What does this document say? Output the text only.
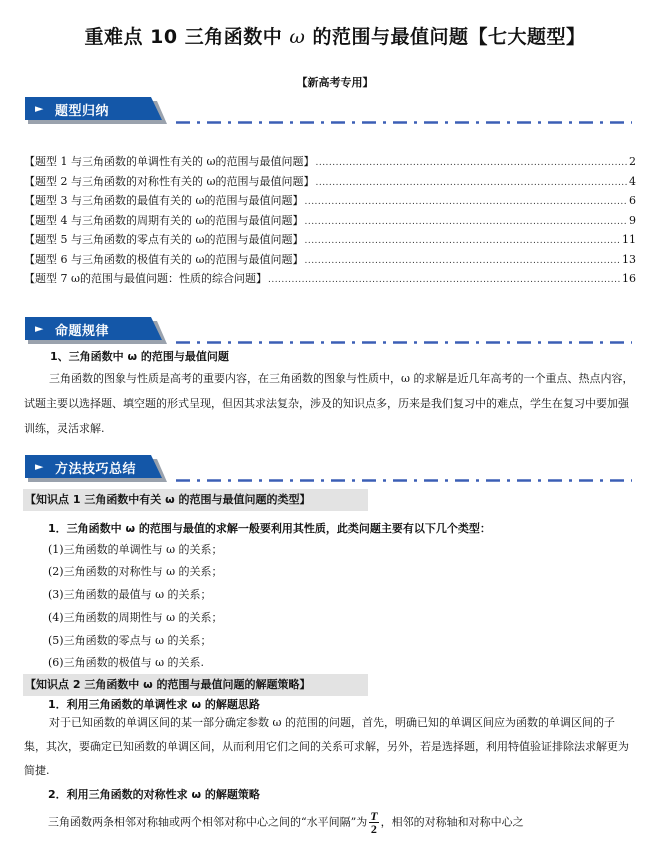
重难点 10 三角函数中 ω 的范围与最值问题【七大题型】
【新高考专用】
► 题型归纳
【题型 1 与三角函数的单调性有关的 ω的范围与最值问题】 .....	2
【题型 2 与三角函数的对称性有关的 ω的范围与最值问题】 .....	4
【题型 3 与三角函数的最值有关的 ω的范围与最值问题】 .....	6
【题型 4 与三角函数的周期有关的 ω的范围与最值问题】 .....	9
【题型 5 与三角函数的零点有关的 ω的范围与最值问题】 .....	11
【题型 6 与三角函数的极值有关的 ω的范围与最值问题】 .....	13
【题型 7 ω的范围与最值问题：性质的综合问题】 .....	16
► 命题规律
1、三角函数中 ω 的范围与最值问题
三角函数的图象与性质是高考的重要内容，在三角函数的图象与性质中，ω 的求解是近几年高考的一个重点、热点内容，试题主要以选择题、填空题的形式呈现，但因其求法复杂，涉及的知识点多，历来是我们复习中的难点，学生在复习中要加强训练，灵活求解.
► 方法技巧总结
【知识点 1 三角函数中有关 ω 的范围与最值问题的类型】
1．三角函数中 ω 的范围与最值的求解一般要利用其性质，此类问题主要有以下几个类型：
(1)三角函数的单调性与 ω 的关系；
(2)三角函数的对称性与 ω 的关系；
(3)三角函数的最值与 ω 的关系；
(4)三角函数的周期性与 ω 的关系；
(5)三角函数的零点与 ω 的关系；
(6)三角函数的极值与 ω 的关系.
【知识点 2 三角函数中 ω 的范围与最值问题的解题策略】
1．利用三角函数的单调性求 ω 的解题思路
对于已知函数的单调区间的某一部分确定参数 ω 的范围的问题，首先，明确已知的单调区间应为函数的单调区间的子集，其次，要确定已知函数的单调区间，从而利用它们之间的关系可求解，另外，若是选择题，利用特值验证排除法求解更为简捷.
2．利用三角函数的对称性求 ω 的解题策略
三角函数两条相邻对称轴或两个相邻对称中心之间的“水平间隔”为 $\frac{T}{2}$ ，相邻的对称轴和对称中心之
